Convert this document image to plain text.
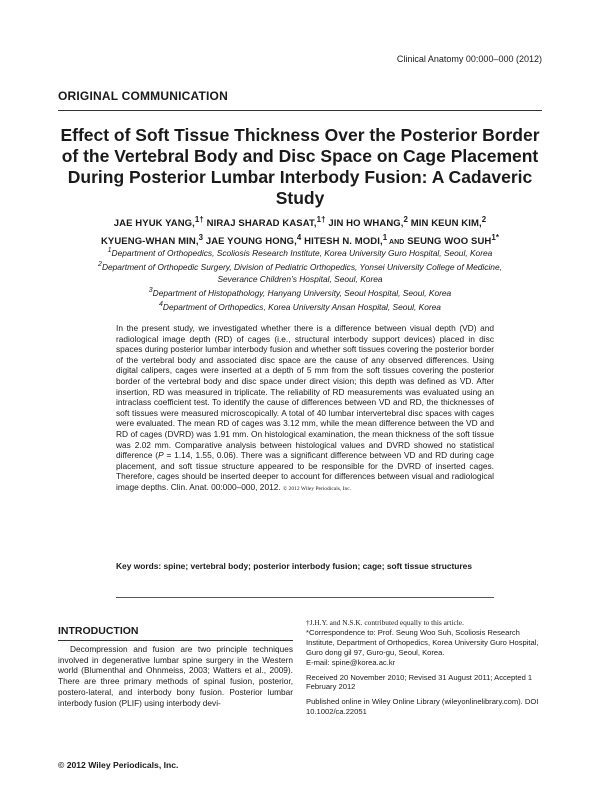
Clinical Anatomy 00:000–000 (2012)
ORIGINAL COMMUNICATION
Effect of Soft Tissue Thickness Over the Posterior Border of the Vertebral Body and Disc Space on Cage Placement During Posterior Lumbar Interbody Fusion: A Cadaveric Study
JAE HYUK YANG,$^{1\dagger}$ NIRAJ SHARAD KASAT,$^{1\dagger}$ JIN HO WHANG,$^2$ MIN KEUN KIM,$^2$
KYUENG-WHAN MIN,$^3$ JAE YOUNG HONG,$^4$ HITESH N. MODI,$^1$ AND SEUNG WOO $SUH^{1*}$
$^1$Department of Orthopedics, Scoliosis Research Institute, Korea University Guro Hospital, Seoul, Korea
$^2$Department of Orthopedic Surgery, Division of Pediatric Orthopedics, Yonsei University College of Medicine,
Severance Children’s Hospital, Seoul, Korea
$^3$Department of Histopathology, Hanyang University, Seoul Hospital, Seoul, Korea
$^4$Department of Orthopedics, Korea University Ansan Hospital, Seoul, Korea

In the present study, we investigated whether there is a difference between visual depth (VD) and radiological image depth (RD) of cages (i.e., structural interbody support devices) placed in disc spaces during posterior lumbar interbody fusion and whether soft tissues covering the posterior border of the vertebral body and associated disc space are the cause of any observed differences. Using digital calipers, cages were inserted at a depth of 5 mm from the soft tissues covering the posterior border of the vertebral body and disc space under direct vision; this depth was defined as VD. After insertion, RD was measured in triplicate. The reliability of RD measurements was evaluated using an intraclass coefficient test. To identify the cause of differences between VD and RD, the thicknesses of soft tissues were measured microscopically. A total of 40 lumbar intervertebral disc spaces with cages were evaluated. The mean RD of cages was 3.12 mm, while the mean difference between the VD and RD of cages (DVRD) was 1.91 mm. On histological examination, the mean thickness of the soft tissue was 2.02 mm. Comparative analysis between histological values and DVRD showed no statistical difference (P = 1.14, 1.55, 0.06). There was a significant difference between VD and RD during cage placement, and soft tissue structure appeared to be responsible for the DVRD of inserted cages. Therefore, cages should be inserted deeper to account for differences between visual and radiological image depths. Clin. Anat. 00:000–000, 2012. © 2012 Wiley Periodicals, Inc.

Key words: spine; vertebral body; posterior interbody fusion; cage; soft tissue structures
INTRODUCTION

Decompression and fusion are two principle techniques involved in degenerative lumbar spine surgery in the Western world (Blumenthal and Ohnmeiss, 2003; Watters et al., 2009). There are three primary methods of spinal fusion, posterior, postero-lateral, and interbody bony fusion. Posterior lumbar interbody fusion (PLIF) using interbody devi-

†J.H.Y. and N.S.K. contributed equally to this article.

*Correspondence to: Prof. Seung Woo Suh, Scoliosis Research Institute, Department of Orthopedics, Korea University Guro Hospital, Guro dong gil 97, Guro-gu, Seoul, Korea.

E-mail: spine@korea.ac.kr

Received 20 November 2010; Revised 31 August 2011; Accepted 1 February 2012

Published online in Wiley Online Library (wileyonlinelibrary.com). DOI 10.1002/ca.22051

© 2012 Wiley Periodicals, Inc.
